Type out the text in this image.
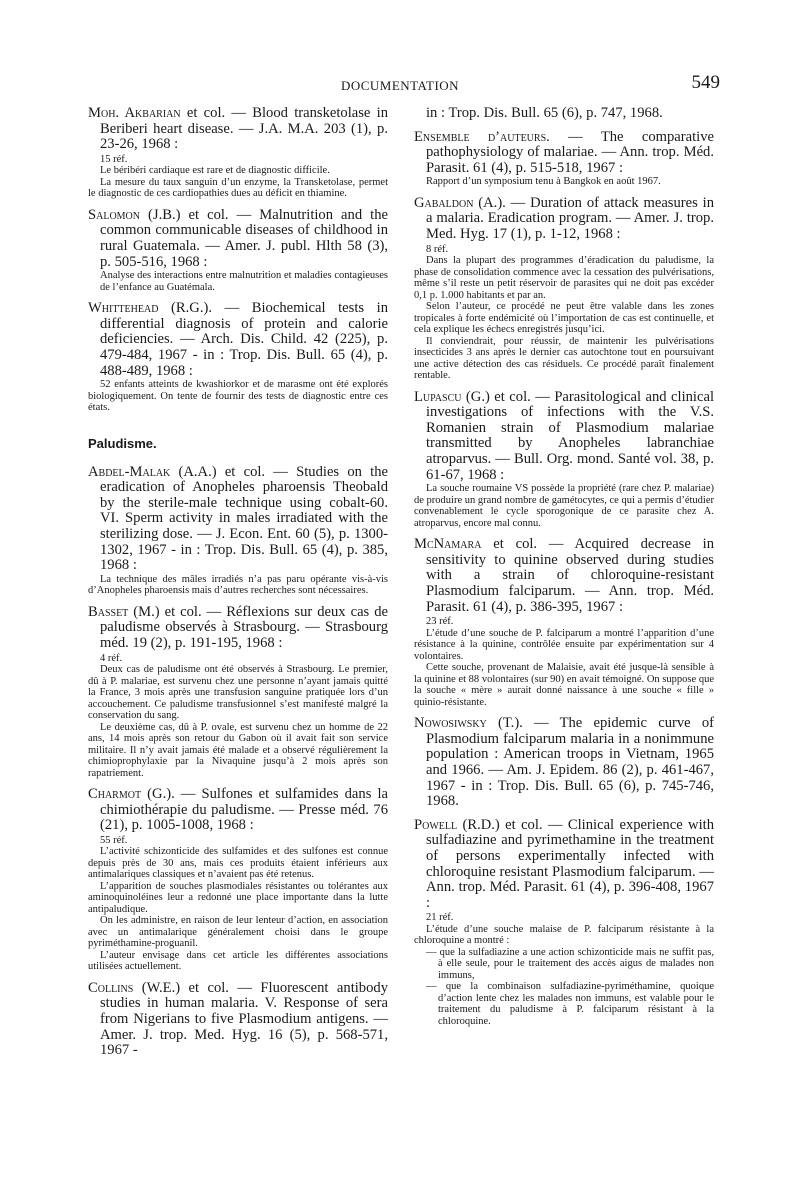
DOCUMENTATION	549

Moh. Akbarian et col. — Blood transketolase in Beriberi heart disease. — J.A. M.A. 203 (1), p. 23-26, 1968 :

15 réf.

Le béribéri cardiaque est rare et de diagnostic difficile.

La mesure du taux sanguin d’un enzyme, la Transketolase, permet le diagnostic de ces cardiopathies dues au déficit en thiamine.

Salomon (J.B.) et col. — Malnutrition and the common communicable diseases of childhood in rural Guatemala. — Amer. J. publ. Hlth 58 (3), p. 505-516, 1968 :

Analyse des interactions entre malnutrition et maladies contagieuses de l’enfance au Guatémala.

Whittehead (R.G.). — Biochemical tests in differential diagnosis of protein and calorie deficiencies. — Arch. Dis. Child. 42 (225), p. 479-484, 1967 - in : Trop. Dis. Bull. 65 (4), p. 488-489, 1968 :

52 enfants atteints de kwashiorkor et de marasme ont été explorés biologiquement. On tente de fournir des tests de diagnostic entre ces états.

Paludisme.

Abdel-Malak (A.A.) et col. — Studies on the eradication of Anopheles pharoensis Theobald by the sterile-male technique using cobalt-60. VI. Sperm activity in males irradiated with the sterilizing dose. — J. Econ. Ent. 60 (5), p. 1300-1302, 1967 - in : Trop. Dis. Bull. 65 (4), p. 385, 1968 :

La technique des mâles irradiés n’a pas paru opérante vis-à-vis d’Anopheles pharoensis mais d’autres recherches sont nécessaires.

Basset (M.) et col. — Réflexions sur deux cas de paludisme observés à Strasbourg. — Strasbourg méd. 19 (2), p. 191-195, 1968 :

4 réf.

Deux cas de paludisme ont été observés à Strasbourg. Le premier, dû à P. malariae, est survenu chez une personne n’ayant jamais quitté la France, 3 mois après une transfusion sanguine pratiquée lors d’un accouchement. Ce paludisme transfusionnel s’est manifesté malgré la conservation du sang.

Le deuxième cas, dû à P. ovale, est survenu chez un homme de 22 ans, 14 mois après son retour du Gabon où il avait fait son service militaire. Il n’y avait jamais été malade et a observé régulièrement la chimioprophylaxie par la Nivaquine jusqu’à 2 mois après son rapatriement.

Charmot (G.). — Sulfones et sulfamides dans la chimiothérapie du paludisme. — Presse méd. 76 (21), p. 1005-1008, 1968 :

55 réf.

L’activité schizonticide des sulfamides et des sulfones est connue depuis près de 30 ans, mais ces produits étaient inférieurs aux antimalariques classiques et n’avaient pas été retenus.

L’apparition de souches plasmodiales résistantes ou tolérantes aux aminoquinoléines leur a redonné une place importante dans la lutte antipaludique.

On les administre, en raison de leur lenteur d’action, en association avec un antimalarique généralement choisi dans le groupe pyriméthamine-proguanil.

L’auteur envisage dans cet article les différentes associations utilisées actuellement.

Collins (W.E.) et col. — Fluorescent antibody studies in human malaria. V. Response of sera from Nigerians to five Plasmodium antigens. — Amer. J. trop. Med. Hyg. 16 (5), p. 568-571, 1967 -

in : Trop. Dis. Bull. 65 (6), p. 747, 1968.

Ensemble d’auteurs. — The comparative pathophysiology of malariae. — Ann. trop. Méd. Parasit. 61 (4), p. 515-518, 1967 :

Rapport d’un symposium tenu à Bangkok en août 1967.

Gabaldon (A.). — Duration of attack measures in a malaria. Eradication program. — Amer. J. trop. Med. Hyg. 17 (1), p. 1-12, 1968 :

8 réf.

Dans la plupart des programmes d’éradication du paludisme, la phase de consolidation commence avec la cessation des pulvérisations, même s’il reste un petit réservoir de parasites qui ne doit pas excéder 0,1 p. 1.000 habitants et par an.

Selon l’auteur, ce procédé ne peut être valable dans les zones tropicales à forte endémicité où l’importation de cas est continuelle, et cela explique les échecs enregistrés jusqu’ici.

Il conviendrait, pour réussir, de maintenir les pulvérisations insecticides 3 ans après le dernier cas autochtone tout en poursuivant une active détection des cas résiduels. Ce procédé paraît finalement rentable.

Lupascu (G.) et col. — Parasitological and clinical investigations of infections with the V.S. Romanien strain of Plasmodium malariae transmitted by Anopheles labranchiae atroparvus. — Bull. Org. mond. Santé vol. 38, p. 61-67, 1968 :

La souche roumaine VS possède la propriété (rare chez P. malariae) de produire un grand nombre de gamétocytes, ce qui a permis d’étudier convenablement le cycle sporogonique de ce parasite chez A. atroparvus, encore mal connu.

McNamara et col. — Acquired decrease in sensitivity to quinine observed during studies with a strain of chloroquine-resistant Plasmodium falciparum. — Ann. trop. Méd. Parasit. 61 (4), p. 386-395, 1967 :

23 réf.

L’étude d’une souche de P. falciparum a montré l’apparition d’une résistance à la quinine, contrôlée ensuite par expérimentation sur 4 volontaires.

Cette souche, provenant de Malaisie, avait été jusque-là sensible à la quinine et 88 volontaires (sur 90) en avait témoigné. On suppose que la souche « mère » aurait donné naissance à une souche « fille » quinio-résistante.

Nowosiwsky (T.). — The epidemic curve of Plasmodium falciparum malaria in a nonimmune population : American troops in Vietnam, 1965 and 1966. — Am. J. Epidem. 86 (2), p. 461-467, 1967 - in : Trop. Dis. Bull. 65 (6), p. 745-746, 1968.

Powell (R.D.) et col. — Clinical experience with sulfadiazine and pyrimethamine in the treatment of persons experimentally infected with chloroquine resistant Plasmodium falciparum. — Ann. trop. Méd. Parasit. 61 (4), p. 396-408, 1967 :

21 réf.

L’étude d’une souche malaise de P. falciparum résistante à la chloroquine a montré :

— que la sulfadiazine a une action schizonticide mais ne suffit pas, à elle seule, pour le traitement des accès aigus de malades non immuns,

— que la combinaison sulfadiazine-pyriméthamine, quoique d’action lente chez les malades non immuns, est valable pour le traitement du paludisme à P. falciparum résistant à la chloroquine.
